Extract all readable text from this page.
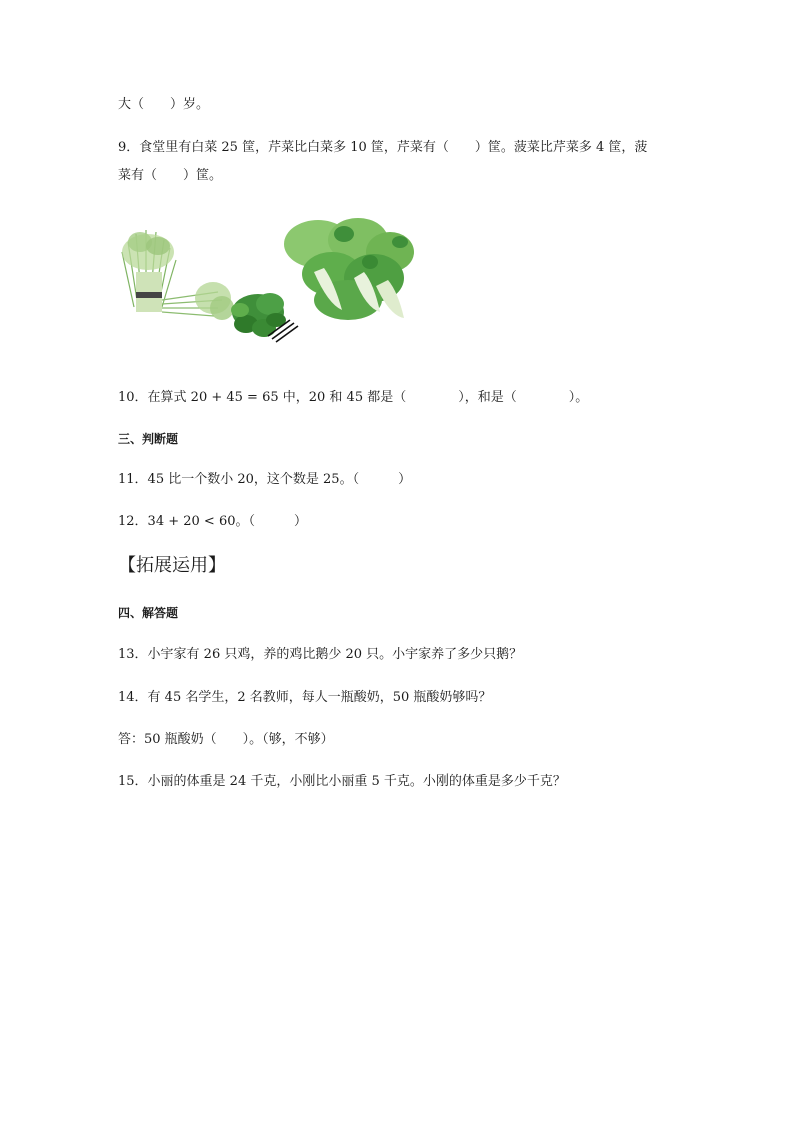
大（　　）岁。
9．食堂里有白菜 25 筐，芹菜比白菜多 10 筐，芹菜有（　　）筐。菠菜比芹菜多 4 筐，菠
菜有（　　）筐。
10．在算式 20 + 45 = 65 中，20 和 45 都是（　　　　），和是（　　　　）。
三、判断题
11．45 比一个数小 20，这个数是 25。（　　　）
12．34 + 20 < 60。（　　　）
【拓展运用】
四、解答题
13．小宇家有 26 只鸡，养的鸡比鹅少 20 只。小宇家养了多少只鹅？
14．有 45 名学生，2 名教师，每人一瓶酸奶，50 瓶酸奶够吗？
答：50 瓶酸奶（　　）。（够，不够）
15．小丽的体重是 24 千克，小刚比小丽重 5 千克。小刚的体重是多少千克？
